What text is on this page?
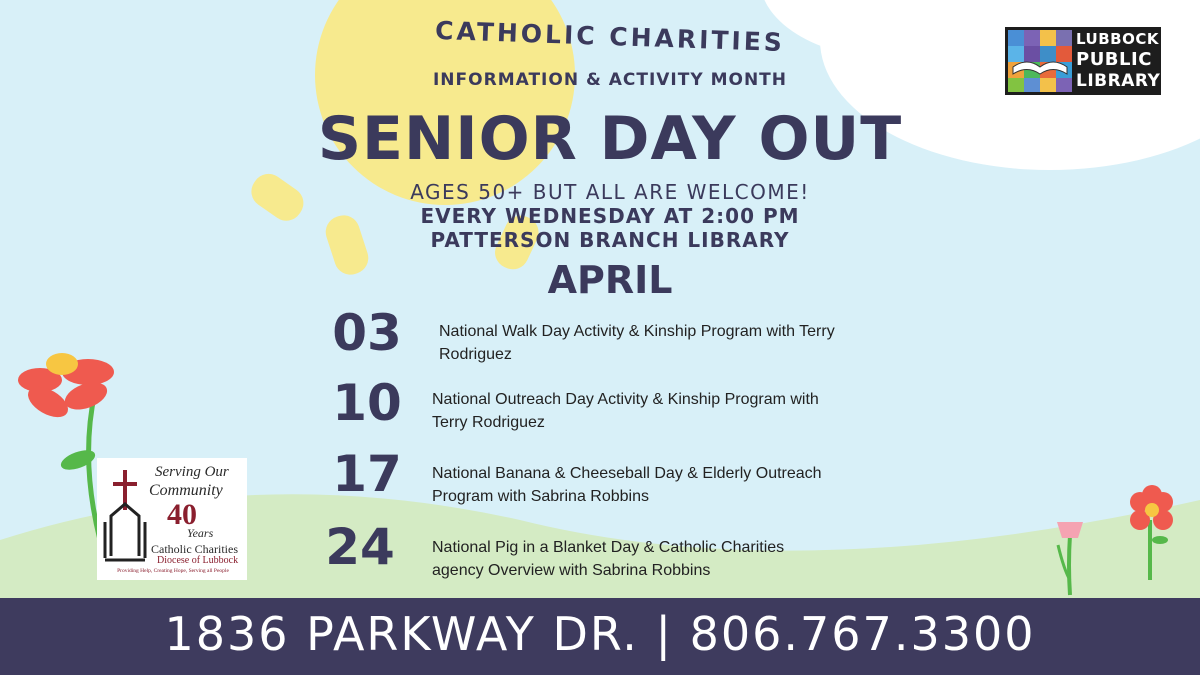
CATHOLIC CHARITIES
INFORMATION & ACTIVITY MONTH
SENIOR DAY OUT
AGES 50+ BUT ALL ARE WELCOME!
EVERY WEDNESDAY AT 2:00 PM
PATTERSON BRANCH LIBRARY
APRIL
03	National Walk Day Activity & Kinship Program with Terry
Rodriguez
10	National Outreach Day Activity & Kinship Program with
Terry Rodriguez
17	National Banana & Cheeseball Day & Elderly Outreach
Program with Sabrina Robbins
24	National Pig in a Blanket Day & Catholic Charities
agency Overview with Sabrina Robbins
LUBBOCK
PUBLIC
LIBRARY
Serving Our
Community
40
Years
Catholic Charities
Diocese of Lubbock
Providing Help, Creating Hope, Serving all People
1836 PARKWAY DR. | 806.767.3300
